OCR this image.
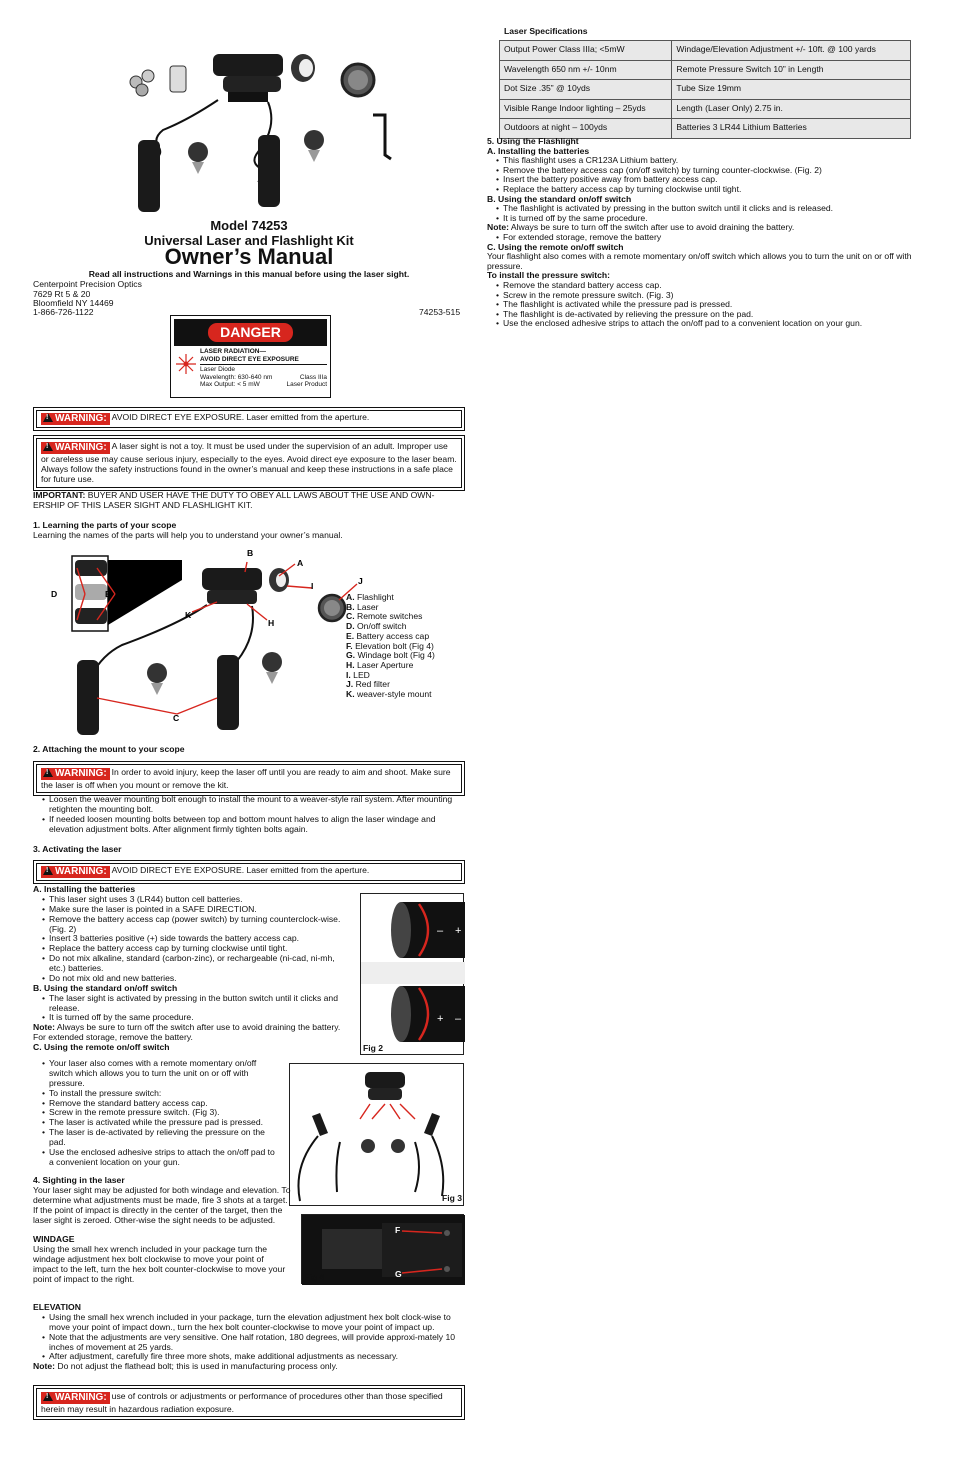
Model 74253
Universal Laser and Flashlight Kit
Owner’s Manual
Read all instructions and Warnings in this manual before using the laser sight.
Centerpoint Precision Optics
7629 Rt 5 & 20
Bloomfield NY 14469
1-866-726-1122	74253-515
DANGER
LASER RADIATION—
AVOID DIRECT EYE EXPOSURE
Laser Diode
Wavelength: 630-640 nm	Class IIIa
Max Output: < 5 mW	Laser Product
!WARNING: AVOID DIRECT EYE EXPOSURE. Laser emitted from the aperture.
!WARNING: A laser sight is not a toy. It must be used under the supervision of an adult. Improper use or careless use may cause serious injury, especially to the eyes. Avoid direct eye exposure to the laser beam. Always follow the safety instructions found in the owner’s manual and keep these instructions in a safe place for future use.
IMPORTANT: BUYER AND USER HAVE THE DUTY TO OBEY ALL LAWS ABOUT THE USE AND OWN-ERSHIP OF THIS LASER SIGHT AND FLASHLIGHT KIT.
1. Learning the parts of your scope
Learning the names of the parts will help you to understand your owner’s manual.
B
A
I	J
K
H
D	E
C
A. Flashlight
B. Laser
C. Remote switches
D. On/off switch
E. Battery access cap
F. Elevation bolt (Fig 4)
G. Windage bolt (Fig 4)
H. Laser Aperture
I. LED
J. Red filter
K. weaver-style mount
2. Attaching the mount to your scope
!WARNING: In order to avoid injury, keep the laser off until you are ready to aim and shoot. Make sure the laser is off when you mount or remove the kit.
• Loosen the weaver mounting bolt enough to install the mount to a weaver-style rail system. After mounting retighten the mounting bolt.
• If needed loosen mounting bolts between top and bottom mount halves to align the laser windage and elevation adjustment bolts. After alignment firmly tighten bolts again.
3. Activating the laser
!WARNING: AVOID DIRECT EYE EXPOSURE. Laser emitted from the aperture.
A. Installing the batteries
• This laser sight uses 3 (LR44) button cell batteries.
• Make sure the laser is pointed in a SAFE DIRECTION.
• Remove the battery access cap (power switch) by turning counterclock-wise. (Fig. 2)
• Insert 3 batteries positive (+) side towards the battery access cap.
• Replace the battery access cap by turning clockwise until tight.
• Do not mix alkaline, standard (carbon-zinc), or rechargeable (ni-cad, ni-mh, etc.) batteries.
• Do not mix old and new batteries.
B. Using the standard on/off switch
• The laser sight is activated by pressing in the button switch until it clicks and release.
• It is turned off by the same procedure.
Note: Always be sure to turn off the switch after use to avoid draining the battery.
For extended storage, remove the battery.
C. Using the remote on/off switch
• Your laser also comes with a remote momentary on/off switch which allows you to turn the unit on or off with pressure.
• To install the pressure switch:
• Remove the standard battery access cap.
• Screw in the remote pressure switch. (Fig 3).
• The laser is activated while the pressure pad is pressed.
• The laser is de-activated by relieving the pressure on the pad.
• Use the enclosed adhesive strips to attach the on/off pad to a convenient location on your gun.
– +
+ –
Fig 2
Fig 3
4. Sighting in the laser
Your laser sight may be adjusted for both windage and elevation. To determine what adjustments must be made, fire 3 shots at a target. If the point of impact is directly in the center of the target, then the laser sight is zeroed. Other-wise the sight needs to be adjusted.
WINDAGE
Using the small hex wrench included in your package turn the windage adjustment hex bolt clockwise to move your point of impact to the left, turn the hex bolt counter-clockwise to move your point of impact to the right.
F
G
Fig 4
ELEVATION
• Using the small hex wrench included in your package, turn the elevation adjustment hex bolt clock-wise to move your point of impact down., turn the hex bolt counter-clockwise to move your point of impact up.
• Note that the adjustments are very sensitive. One half rotation, 180 degrees, will provide approxi-mately 10 inches of movement at 25 yards.
• After adjustment, carefully fire three more shots, make additional adjustments as necessary.
Note: Do not adjust the flathead bolt; this is used in manufacturing process only.
!WARNING: use of controls or adjustments or performance of procedures other than those specified herein may result in hazardous radiation exposure.
Laser Specifications
Output Power Class IIIa; <5mW	Windage/Elevation Adjustment +/- 10ft. @ 100 yards
Wavelength 650 nm +/- 10nm	Remote Pressure Switch 10” in Length
Dot Size .35” @ 10yds	Tube Size 19mm
Visible Range Indoor lighting – 25yds	Length (Laser Only) 2.75 in.
Outdoors at night – 100yds	Batteries 3 LR44 Lithium Batteries
5. Using the Flashlight
A. Installing the batteries
• This flashlight uses a CR123A Lithium battery.
• Remove the battery access cap (on/off switch) by turning counter-clockwise. (Fig. 2)
• Insert the battery positive away from battery access cap.
• Replace the battery access cap by turning clockwise until tight.
B. Using the standard on/off switch
• The flashlight is activated by pressing in the button switch until it clicks and is released.
• It is turned off by the same procedure.
Note: Always be sure to turn off the switch after use to avoid draining the battery.
• For extended storage, remove the battery
C. Using the remote on/off switch
Your flashlight also comes with a remote momentary on/off switch which allows you to turn the unit on or off with pressure.
To install the pressure switch:
• Remove the standard battery access cap.
• Screw in the remote pressure switch. (Fig. 3)
• The flashlight is activated while the pressure pad is pressed.
• The flashlight is de-activated by relieving the pressure on the pad.
• Use the enclosed adhesive strips to attach the on/off pad to a convenient location on your gun.
